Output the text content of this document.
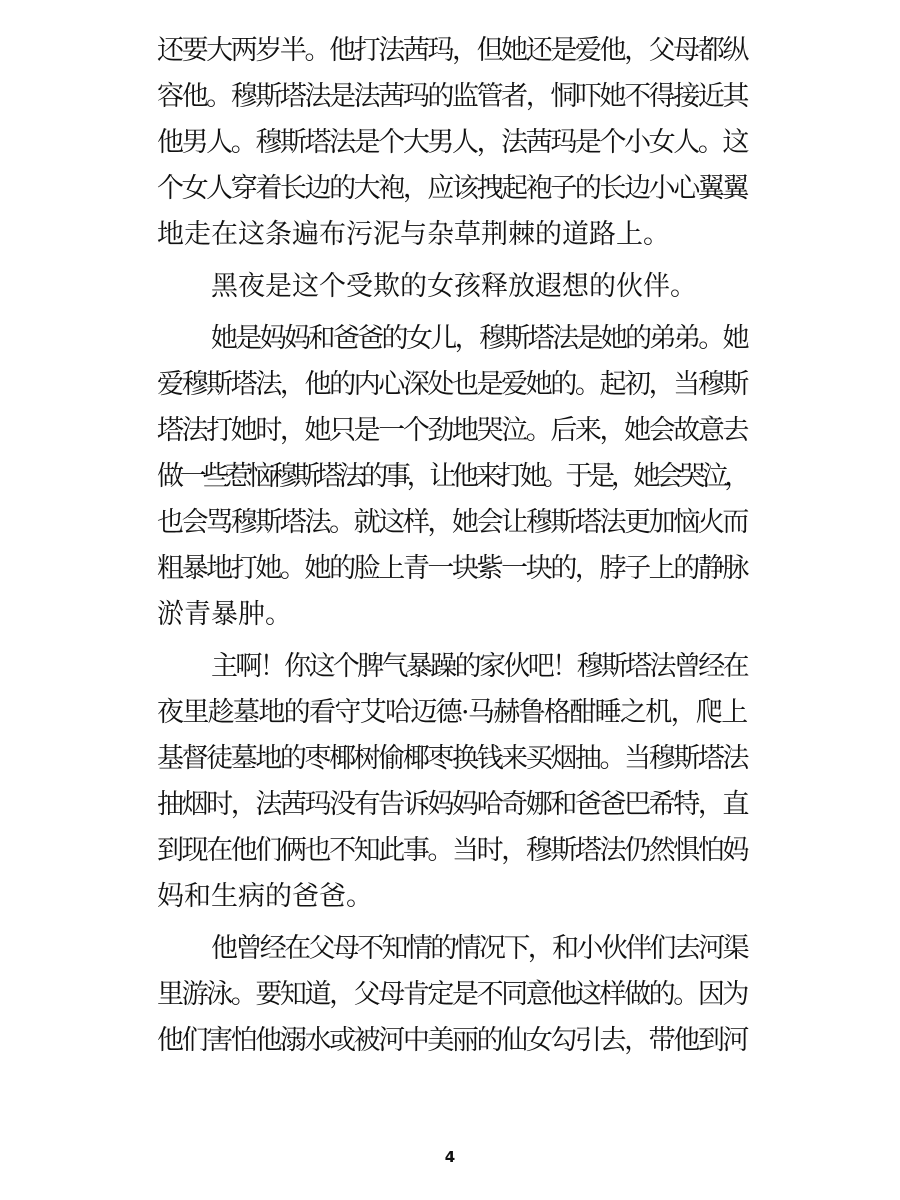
还要大两岁半。他打法茜玛，但她还是爱他，父母都纵
容他。穆斯塔法是法茜玛的监管者，恫吓她不得接近其
他男人。穆斯塔法是个大男人，法茜玛是个小女人。这
个女人穿着长边的大袍，应该拽起袍子的长边小心翼翼
地走在这条遍布污泥与杂草荆棘的道路上。
黑夜是这个受欺的女孩释放遐想的伙伴。
她是妈妈和爸爸的女儿，穆斯塔法是她的弟弟。她
爱穆斯塔法，他的内心深处也是爱她的。起初，当穆斯
塔法打她时，她只是一个劲地哭泣。后来，她会故意去
做一些惹恼穆斯塔法的事，让他来打她。于是，她会哭泣，
也会骂穆斯塔法。就这样，她会让穆斯塔法更加恼火而
粗暴地打她。她的脸上青一块紫一块的，脖子上的静脉
淤青暴肿。
主啊！你这个脾气暴躁的家伙吧！穆斯塔法曾经在
夜里趁墓地的看守艾哈迈德·马赫鲁格酣睡之机，爬上
基督徒墓地的枣椰树偷椰枣换钱来买烟抽。当穆斯塔法
抽烟时，法茜玛没有告诉妈妈哈奇娜和爸爸巴希特，直
到现在他们俩也不知此事。当时，穆斯塔法仍然惧怕妈
妈和生病的爸爸。
他曾经在父母不知情的情况下，和小伙伴们去河渠
里游泳。要知道，父母肯定是不同意他这样做的。因为
他们害怕他溺水或被河中美丽的仙女勾引去，带他到河
4
